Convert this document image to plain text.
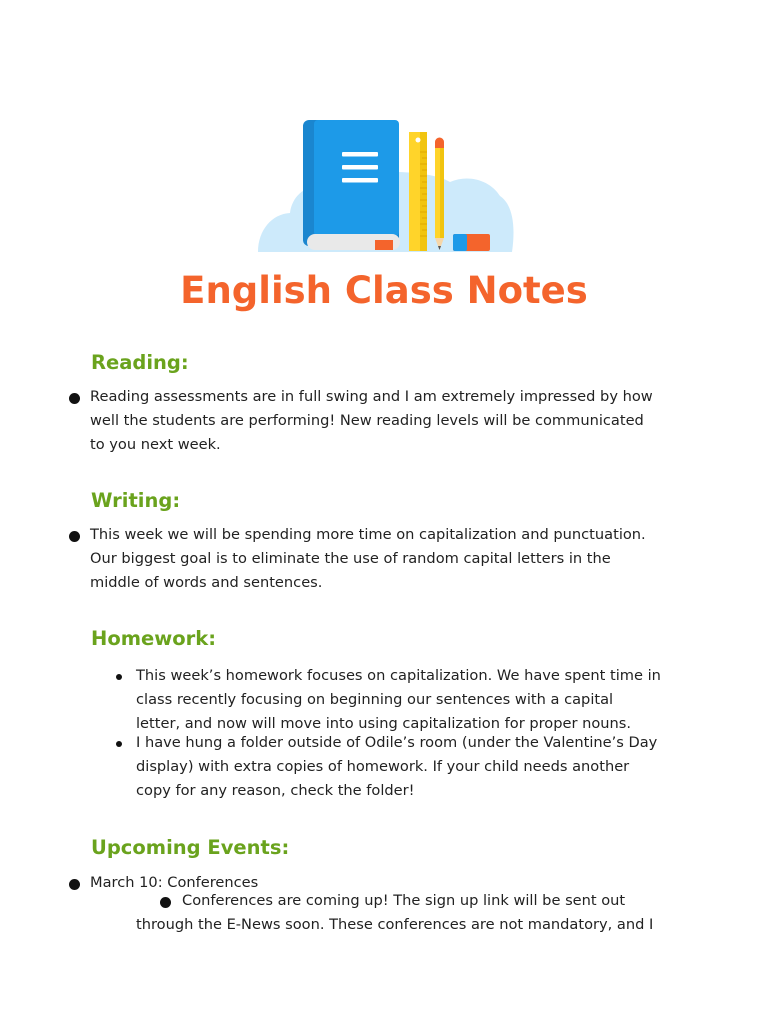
English Class Notes
Reading:

Reading assessments are in full swing and I am extremely impressed by how
well the students are performing! New reading levels will be communicated
to you next week.

Writing:

This week we will be spending more time on capitalization and punctuation.
Our biggest goal is to eliminate the use of random capital letters in the
middle of words and sentences.

Homework:

This week’s homework focuses on capitalization. We have spent time in
class recently focusing on beginning our sentences with a capital
letter, and now will move into using capitalization for proper nouns.

I have hung a folder outside of Odile’s room (under the Valentine’s Day
display) with extra copies of homework. If your child needs another
copy for any reason, check the folder!

Upcoming Events:

March 10: Conferences

Conferences are coming up! The sign up link will be sent out
through the E-News soon. These conferences are not mandatory, and I
